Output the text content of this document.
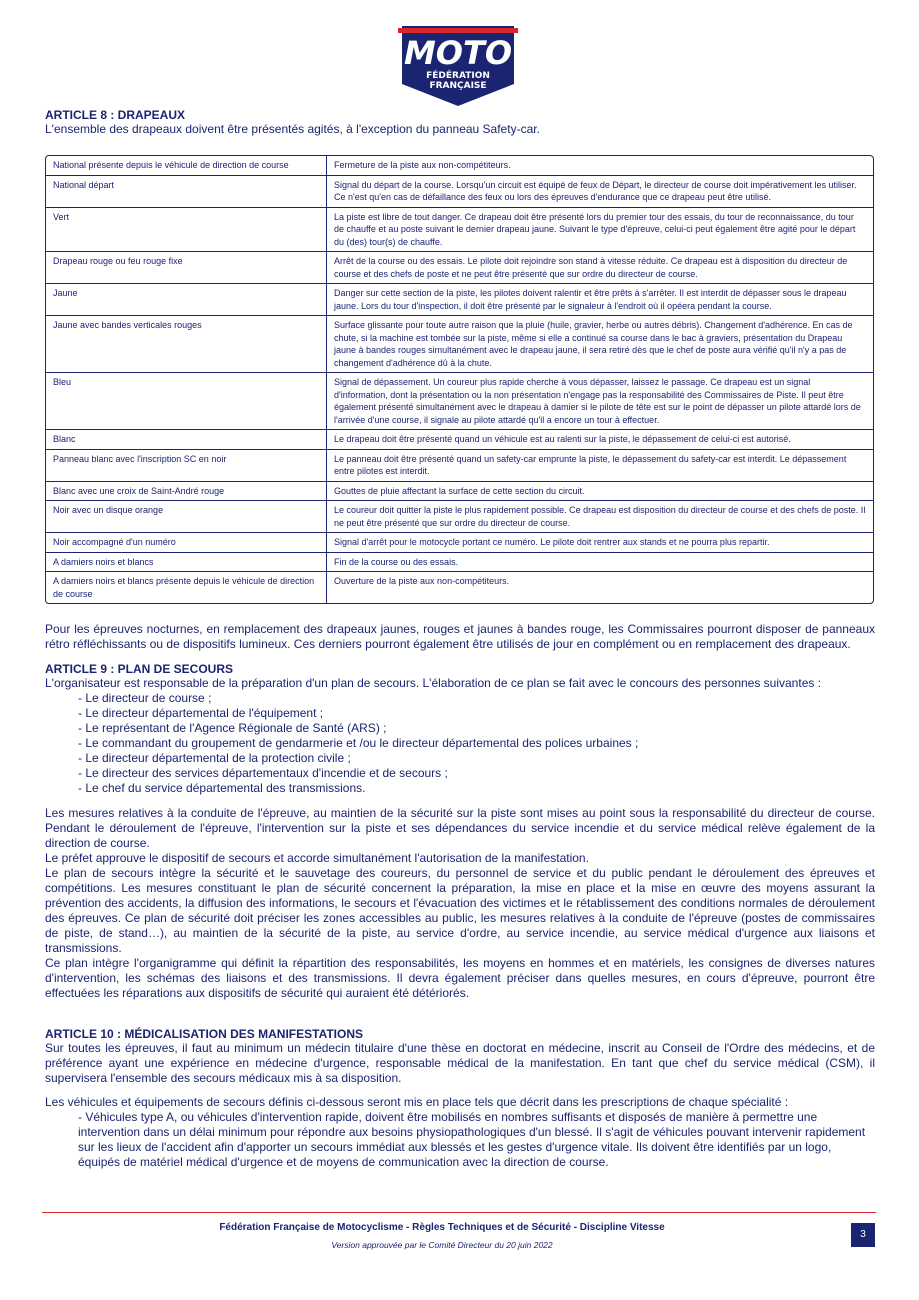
MOTO
FÉDÉRATION
FRANÇAISE
ARTICLE 8 : DRAPEAUX

L'ensemble des drapeaux doivent être présentés agités, à l'exception du panneau Safety-car.

National présente depuis le véhicule de direction de course	Fermeture de la piste aux non-compétiteurs.
National départ	Signal du départ de la course. Lorsqu'un circuit est équipé de feux de Départ, le directeur de course doit impérativement les utiliser. Ce n'est qu'en cas de défaillance des feux ou lors des épreuves d'endurance que ce drapeau peut être utilisé.
Vert	La piste est libre de tout danger. Ce drapeau doit être présenté lors du premier tour des essais, du tour de reconnaissance, du tour de chauffe et au poste suivant le dernier drapeau jaune. Suivant le type d'épreuve, celui-ci peut également être agité pour le départ du (des) tour(s) de chauffe.
Drapeau rouge ou feu rouge fixe	Arrêt de la course ou des essais. Le pilote doit rejoindre son stand à vitesse réduite. Ce drapeau est à disposition du directeur de course et des chefs de poste et ne peut être présenté que sur ordre du directeur de course.
Jaune	Danger sur cette section de la piste, les pilotes doivent ralentir et être prêts à s'arrêter. Il est interdit de dépasser sous le drapeau jaune. Lors du tour d'inspection, il doit être présenté par le signaleur à l'endroit où il opéera pendant la course.
Jaune avec bandes verticales rouges	Surface glissante pour toute autre raison que la pluie (huile, gravier, herbe ou autres débris). Changement d'adhérence. En cas de chute, si la machine est tombée sur la piste, même si elle a continué sa course dans le bac à graviers, présentation du Drapeau jaune à bandes rouges simultanément avec le drapeau jaune, il sera retiré dès que le chef de poste aura vérifié qu'il n'y a pas de changement d'adhérence dû à la chute.
Bleu	Signal de dépassement. Un coureur plus rapide cherche à vous dépasser, laissez le passage. Ce drapeau est un signal d'information, dont la présentation ou la non présentation n'engage pas la responsabilité des Commissaires de Piste. Il peut être également présenté simultanément avec le drapeau à damier si le pilote de tête est sur le point de dépasser un pilote attardé lors de l'arrivée d'une course, il signale au pilote attardé qu'il a encore un tour à effectuer.
Blanc	Le drapeau doit être présenté quand un véhicule est au ralenti sur la piste, le dépassement de celui-ci est autorisé.
Panneau blanc avec l'inscription SC en noir	Le panneau doit être présenté quand un safety-car emprunte la piste, le dépassement du safety-car est interdit. Le dépassement entre pilotes est interdit.
Blanc avec une croix de Saint-André rouge	Gouttes de pluie affectant la surface de cette section du circuit.
Noir avec un disque orange	Le coureur doit quitter la piste le plus rapidement possible. Ce drapeau est disposition du directeur de course et des chefs de poste. Il ne peut être présenté que sur ordre du directeur de course.
Noir accompagné d'un numéro	Signal d'arrêt pour le motocycle portant ce numéro. Le pilote doit rentrer aux stands et ne pourra plus repartir.
A damiers noirs et blancs	Fin de la course ou des essais.
A damiers noirs et blancs présente depuis le véhicule de direction de course	Ouverture de la piste aux non-compétiteurs.

Pour les épreuves nocturnes, en remplacement des drapeaux jaunes, rouges et jaunes à bandes rouge, les Commissaires pourront disposer de panneaux rétro réfléchissants ou de dispositifs lumineux. Ces derniers pourront également être utilisés de jour en complément ou en remplacement des drapeaux.

ARTICLE 9 : PLAN DE SECOURS

L'organisateur est responsable de la préparation d'un plan de secours. L'élaboration de ce plan se fait avec le concours des personnes suivantes :

- Le directeur de course ;
- Le directeur départemental de l'équipement ;
- Le représentant de l'Agence Régionale de Santé (ARS) ;
- Le commandant du groupement de gendarmerie et /ou le directeur départemental des polices urbaines ;
- Le directeur départemental de la protection civile ;
- Le directeur des services départementaux d'incendie et de secours ;
- Le chef du service départemental des transmissions.

Les mesures relatives à la conduite de l'épreuve, au maintien de la sécurité sur la piste sont mises au point sous la responsabilité du directeur de course. Pendant le déroulement de l'épreuve, l'intervention sur la piste et ses dépendances du service incendie et du service médical relève également de la direction de course.

Le préfet approuve le dispositif de secours et accorde simultanément l'autorisation de la manifestation.

Le plan de secours intègre la sécurité et le sauvetage des coureurs, du personnel de service et du public pendant le déroulement des épreuves et compétitions. Les mesures constituant le plan de sécurité concernent la préparation, la mise en place et la mise en œuvre des moyens assurant la prévention des accidents, la diffusion des informations, le secours et l'évacuation des victimes et le rétablissement des conditions normales de déroulement des épreuves. Ce plan de sécurité doit préciser les zones accessibles au public, les mesures relatives à la conduite de l'épreuve (postes de commissaires de piste, de stand…), au maintien de la sécurité de la piste, au service d'ordre, au service incendie, au service médical d'urgence aux liaisons et transmissions.

Ce plan intègre l'organigramme qui définit la répartition des responsabilités, les moyens en hommes et en matériels, les consignes de diverses natures d'intervention, les schémas des liaisons et des transmissions. Il devra également préciser dans quelles mesures, en cours d'épreuve, pourront être effectuées les réparations aux dispositifs de sécurité qui auraient été détériorés.

ARTICLE 10 : MÉDICALISATION DES MANIFESTATIONS

Sur toutes les épreuves, il faut au minimum un médecin titulaire d'une thèse en doctorat en médecine, inscrit au Conseil de l'Ordre des médecins, et de préférence ayant une expérience en médecine d'urgence, responsable médical de la manifestation. En tant que chef du service médical (CSM), il supervisera l'ensemble des secours médicaux mis à sa disposition.

Les véhicules et équipements de secours définis ci-dessous seront mis en place tels que décrit dans les prescriptions de chaque spécialité :

- Véhicules type A, ou véhicules d'intervention rapide, doivent être mobilisés en nombres suffisants et disposés de manière à permettre une intervention dans un délai minimum pour répondre aux besoins physiopathologiques d'un blessé. Il s'agit de véhicules pouvant intervenir rapidement sur les lieux de l'accident afin d'apporter un secours immédiat aux blessés et les gestes d'urgence vitale. Ils doivent être identifiés par un logo, équipés de matériel médical d'urgence et de moyens de communication avec la direction de course.
Fédération Française de Motocyclisme - Règles Techniques et de Sécurité - Discipline Vitesse
Version approuvée par le Comité Directeur du 20 juin 2022
3
